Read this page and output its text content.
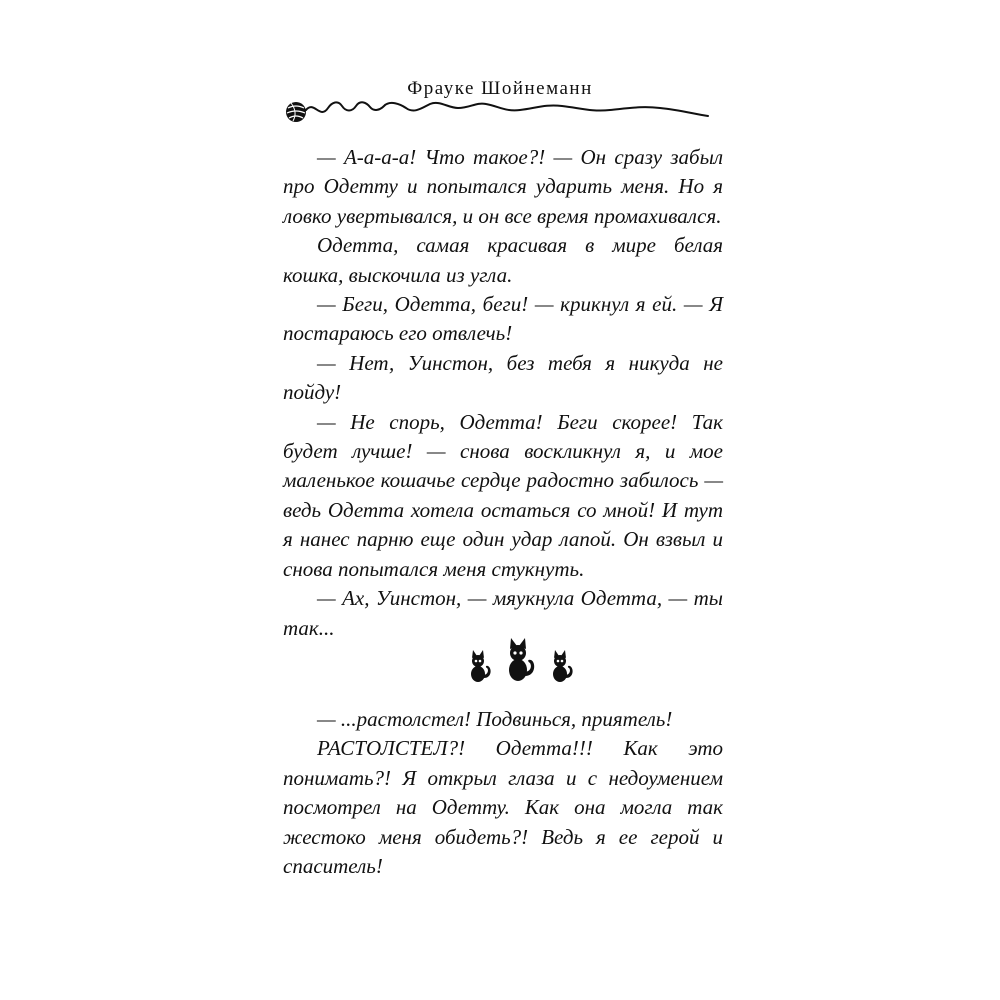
Фрауке Шойнеманн

— А-а-а-а! Что такое?! — Он сразу забыл про Одетту и попытался ударить меня. Но я ловко увертывался, и он все время промахивался.

Одетта, самая красивая в мире белая кошка, выскочила из угла.

— Беги, Одетта, беги! — крикнул я ей. — Я постараюсь его отвлечь!

— Нет, Уинстон, без тебя я никуда не пойду!

— Не спорь, Одетта! Беги скорее! Так будет лучше! — снова воскликнул я, и мое маленькое кошачье сердце радостно забилось — ведь Одетта хотела остаться со мной! И тут я нанес парню еще один удар лапой. Он взвыл и снова попытался меня стукнуть.

— Ах, Уинстон, — мяукнула Одетта, — ты так...

— ...растолстел! Подвинься, приятель!

РАСТОЛСТЕЛ?! Одетта!!! Как это понимать?! Я открыл глаза и с недоумением посмотрел на Одетту. Как она могла так жестоко меня обидеть?! Ведь я ее герой и спаситель!
